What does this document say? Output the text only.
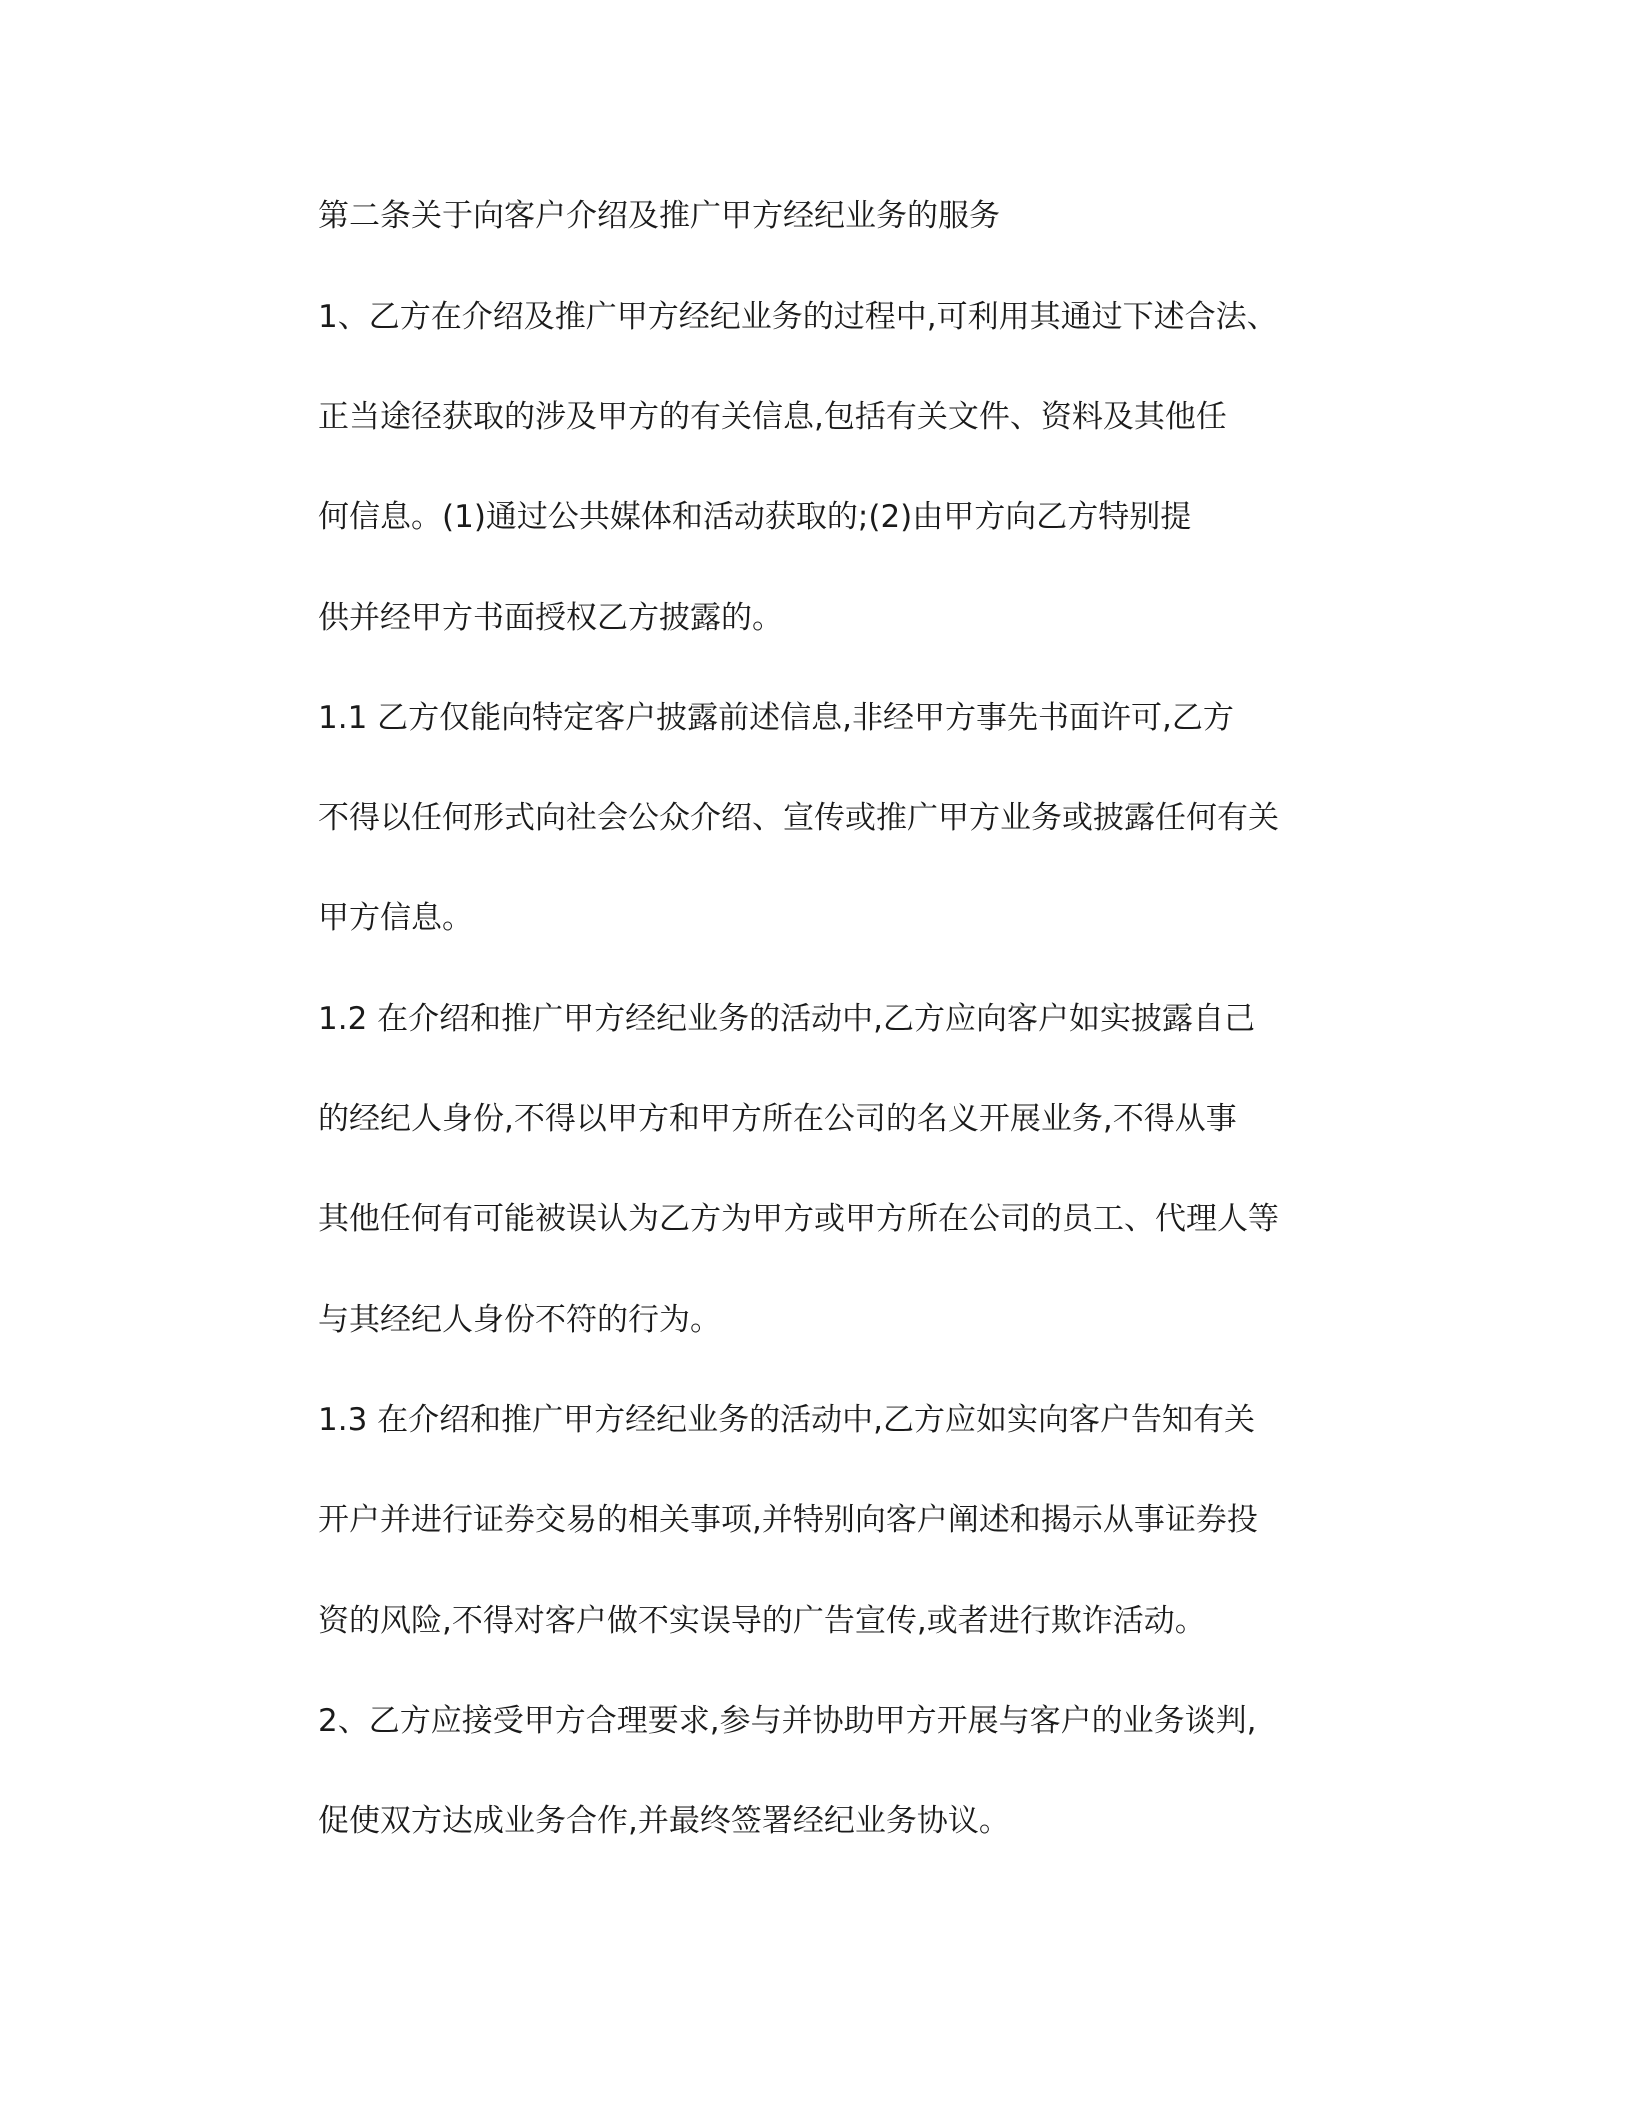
第二条关于向客户介绍及推广甲方经纪业务的服务
1、乙方在介绍及推广甲方经纪业务的过程中,可利用其通过下述合法、
正当途径获取的涉及甲方的有关信息,包括有关文件、资料及其他任
何信息。(1)通过公共媒体和活动获取的;(2)由甲方向乙方特别提
供并经甲方书面授权乙方披露的。
1.1 乙方仅能向特定客户披露前述信息,非经甲方事先书面许可,乙方
不得以任何形式向社会公众介绍、宣传或推广甲方业务或披露任何有关
甲方信息。
1.2 在介绍和推广甲方经纪业务的活动中,乙方应向客户如实披露自己
的经纪人身份,不得以甲方和甲方所在公司的名义开展业务,不得从事
其他任何有可能被误认为乙方为甲方或甲方所在公司的员工、代理人等
与其经纪人身份不符的行为。
1.3 在介绍和推广甲方经纪业务的活动中,乙方应如实向客户告知有关
开户并进行证券交易的相关事项,并特别向客户阐述和揭示从事证券投
资的风险,不得对客户做不实误导的广告宣传,或者进行欺诈活动。
2、乙方应接受甲方合理要求,参与并协助甲方开展与客户的业务谈判,
促使双方达成业务合作,并最终签署经纪业务协议。
